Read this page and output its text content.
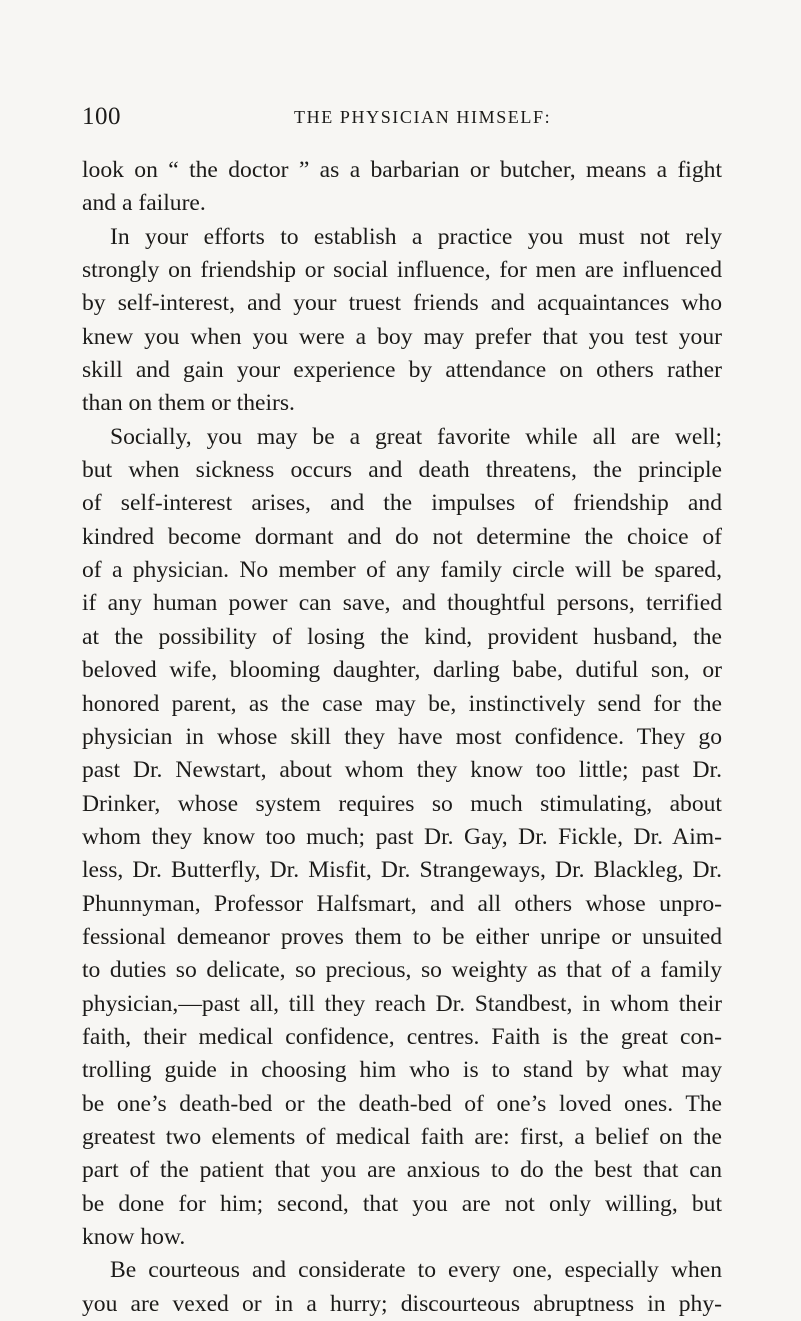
100	THE PHYSICIAN HIMSELF:
look on “ the doctor ” as a barbarian or butcher, means a fight
and a failure.
In your efforts to establish a practice you must not rely
strongly on friendship or social influence, for men are influenced
by self-interest, and your truest friends and acquaintances who
knew you when you were a boy may prefer that you test your
skill and gain your experience by attendance on others rather
than on them or theirs.
Socially, you may be a great favorite while all are well;
but when sickness occurs and death threatens, the principle
of self-interest arises, and the impulses of friendship and
kindred become dormant and do not determine the choice of
of a physician. No member of any family circle will be spared,
if any human power can save, and thoughtful persons, terrified
at the possibility of losing the kind, provident husband, the
beloved wife, blooming daughter, darling babe, dutiful son, or
honored parent, as the case may be, instinctively send for the
physician in whose skill they have most confidence. They go
past Dr. Newstart, about whom they know too little; past Dr.
Drinker, whose system requires so much stimulating, about
whom they know too much; past Dr. Gay, Dr. Fickle, Dr. Aim-
less, Dr. Butterfly, Dr. Misfit, Dr. Strangeways, Dr. Blackleg, Dr.
Phunnyman, Professor Halfsmart, and all others whose unpro-
fessional demeanor proves them to be either unripe or unsuited
to duties so delicate, so precious, so weighty as that of a family
physician,—past all, till they reach Dr. Standbest, in whom their
faith, their medical confidence, centres. Faith is the great con-
trolling guide in choosing him who is to stand by what may
be one’s death-bed or the death-bed of one’s loved ones. The
greatest two elements of medical faith are: first, a belief on the
part of the patient that you are anxious to do the best that can
be done for him; second, that you are not only willing, but
know how.
Be courteous and considerate to every one, especially when
you are vexed or in a hurry; discourteous abruptness in phy-
